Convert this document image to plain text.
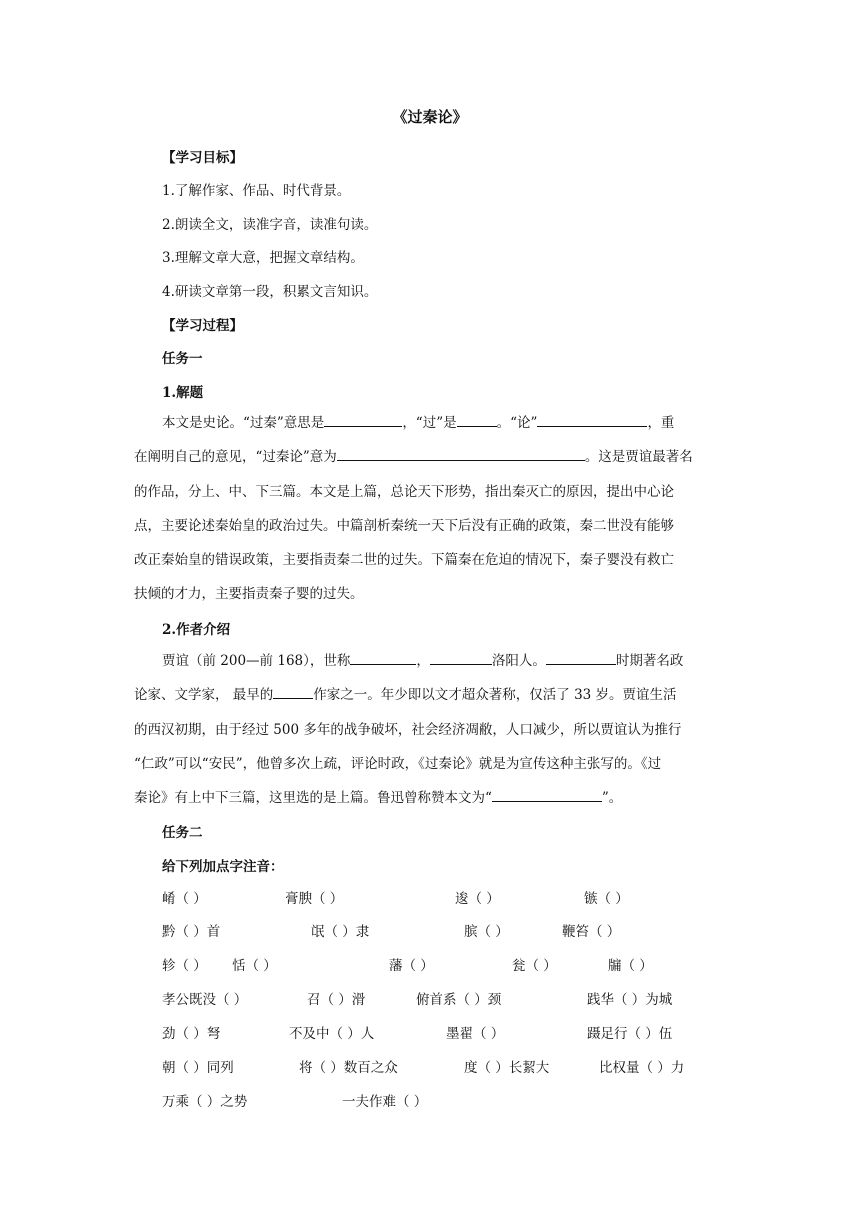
《过秦论》
【学习目标】
1.了解作家、作品、时代背景。
2.朗读全文，读准字音，读准句读。
3.理解文章大意，把握文章结构。
4.研读文章第一段，积累文言知识。
【学习过程】
任务一
1.解题
本文是史论。“过秦”意思是	，“过”是	。“论”	，重
在阐明自己的意见，“过秦论”意为	。这是贾谊最著名
的作品，分上、中、下三篇。本文是上篇，总论天下形势，指出秦灭亡的原因，提出中心论
点，主要论述秦始皇的政治过失。中篇剖析秦统一天下后没有正确的政策，秦二世没有能够
改正秦始皇的错误政策，主要指责秦二世的过失。下篇秦在危迫的情况下，秦子婴没有救亡
扶倾的才力，主要指责秦子婴的过失。
2.作者介绍
贾谊（前 200—前 168），世称	，	洛阳人。	时期著名政
论家、文学家， 最早的	作家之一。年少即以文才超众著称，仅活了 33 岁。贾谊生活
的西汉初期，由于经过 500 多年的战争破坏，社会经济凋敝，人口减少，所以贾谊认为推行
“仁政”可以“安民”，他曾多次上疏，评论时政，《过秦论》就是为宣传这种主张写的。《过
秦论》有上中下三篇，这里选的是上篇。鲁迅曾称赞本文为“	”。
任务二
给下列加点字注音：
崤（ ）	膏腴（ ）	逡（ ）	镞（ ）
黔（ ）首	氓（ ）隶	膑（ ）	鞭笞（ ）
轸（ ） 恬（ ）	藩（ ）	瓮（ ）	牖（ ）
孝公既没（ ）	召（ ）滑	俯首系（ ）颈	践华（ ）为城
劲（ ）弩	不及中（ ）人	墨翟（ ）	蹑足行（ ）伍
朝（ ）同列	将（ ）数百之众	度（ ）长絜大	比权量（ ）力
万乘（ ）之势	一夫作难（ ）
